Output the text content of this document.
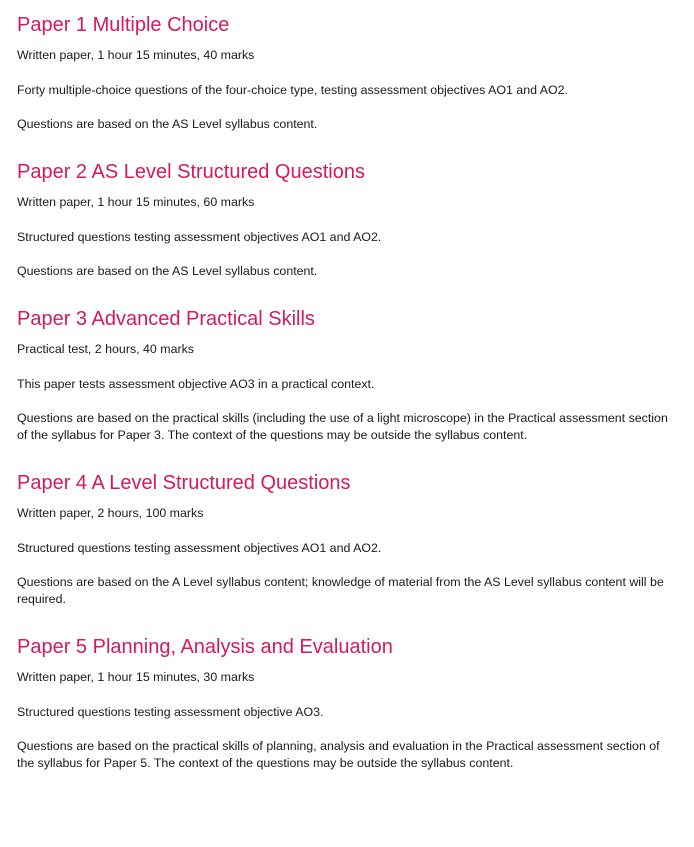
Paper 1 Multiple Choice

Written paper, 1 hour 15 minutes, 40 marks

Forty multiple-choice questions of the four-choice type, testing assessment objectives AO1 and AO2.

Questions are based on the AS Level syllabus content.

Paper 2 AS Level Structured Questions

Written paper, 1 hour 15 minutes, 60 marks

Structured questions testing assessment objectives AO1 and AO2.

Questions are based on the AS Level syllabus content.

Paper 3 Advanced Practical Skills

Practical test, 2 hours, 40 marks

This paper tests assessment objective AO3 in a practical context.

Questions are based on the practical skills (including the use of a light microscope) in the Practical assessment section of the syllabus for Paper 3. The context of the questions may be outside the syllabus content.

Paper 4 A Level Structured Questions

Written paper, 2 hours, 100 marks

Structured questions testing assessment objectives AO1 and AO2.

Questions are based on the A Level syllabus content; knowledge of material from the AS Level syllabus content will be required.

Paper 5 Planning, Analysis and Evaluation

Written paper, 1 hour 15 minutes, 30 marks

Structured questions testing assessment objective AO3.

Questions are based on the practical skills of planning, analysis and evaluation in the Practical assessment section of the syllabus for Paper 5. The context of the questions may be outside the syllabus content.
